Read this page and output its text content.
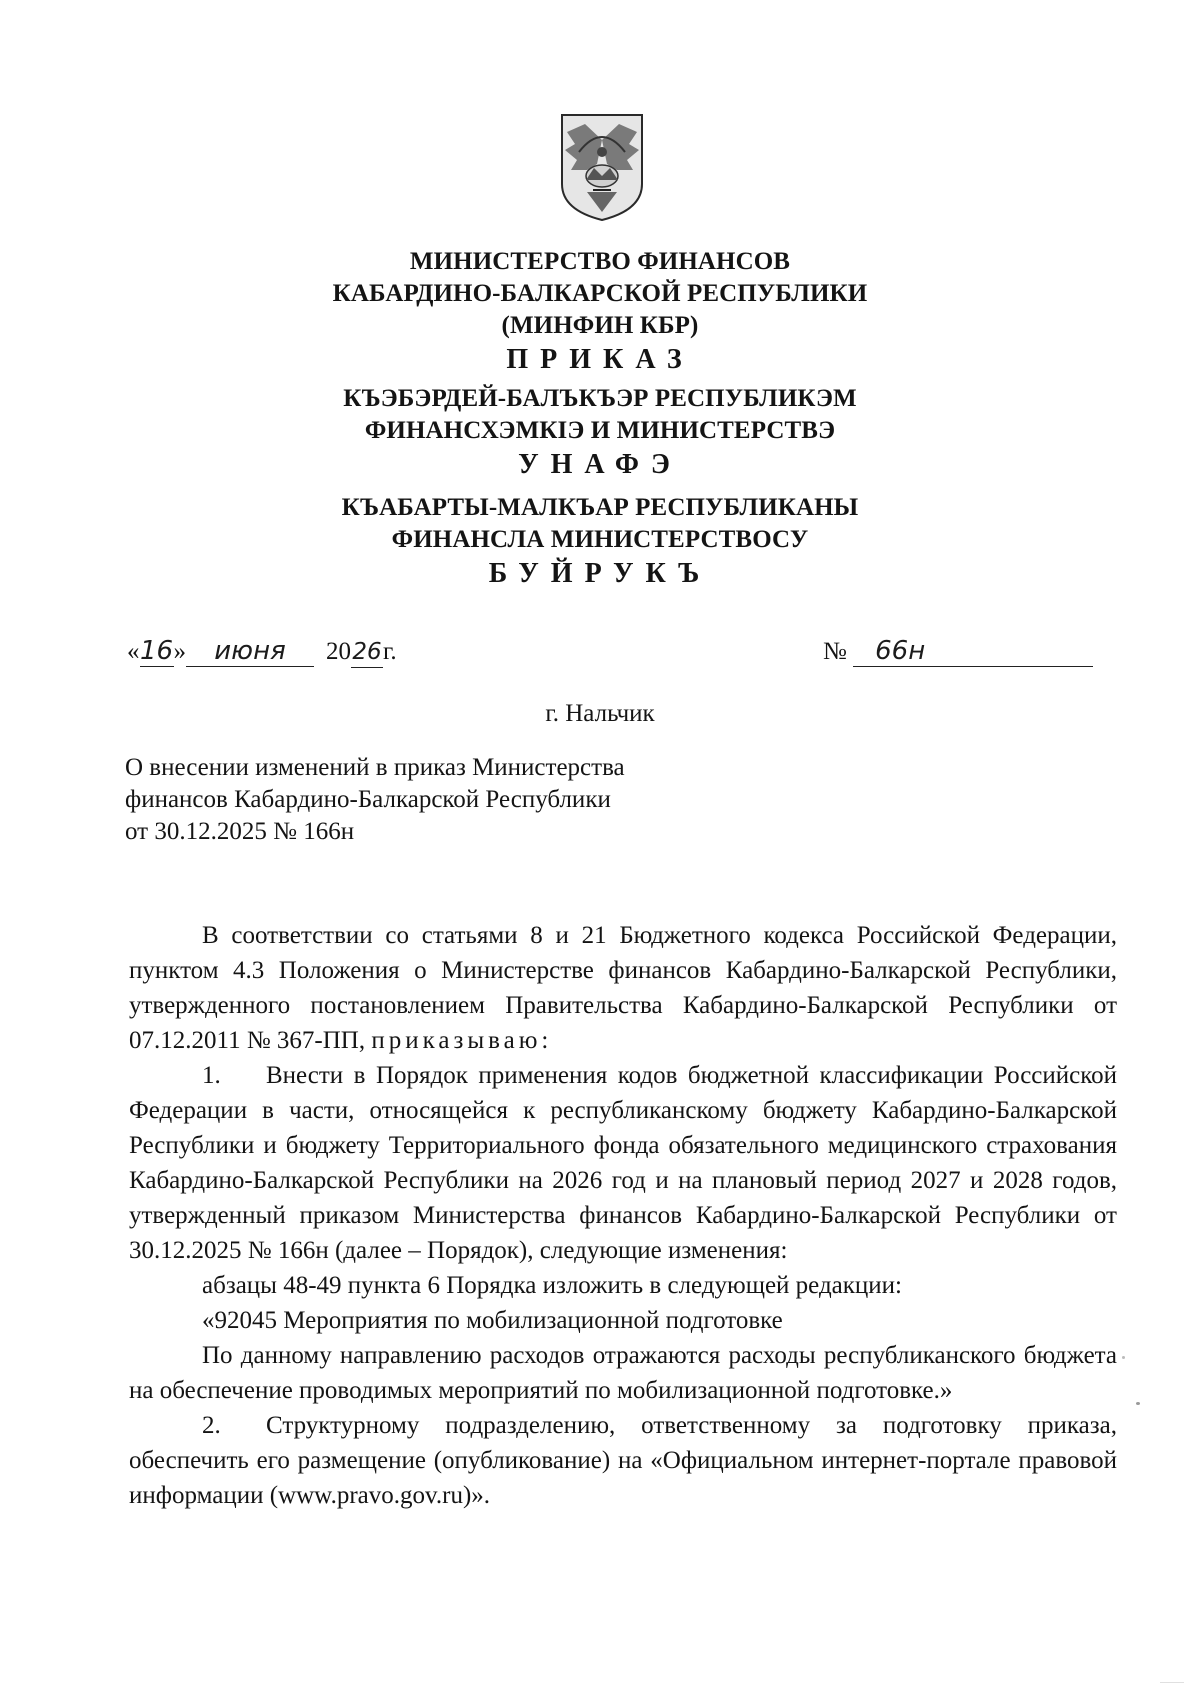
МИНИСТЕРСТВО ФИНАНСОВ
КАБАРДИНО-БАЛКАРСКОЙ РЕСПУБЛИКИ
(МИНФИН КБР)
ПРИКАЗ
КЪЭБЭРДЕЙ-БАЛЪКЪЭР РЕСПУБЛИКЭМ
ФИНАНСХЭМКIЭ И МИНИСТЕРСТВЭ
УНАФЭ
КЪАБАРТЫ-МАЛКЪАР РЕСПУБЛИКАНЫ
ФИНАНСЛА МИНИСТЕРСТВОСУ
БУЙРУКЪ
«16» июня 2026г.	№ 66н
г. Нальчик
О внесении изменений в приказ Министерства
финансов Кабардино-Балкарской Республики
от 30.12.2025 № 166н

В соответствии со статьями 8 и 21 Бюджетного кодекса Российской Федерации, пунктом 4.3 Положения о Министерстве финансов Кабардино-Балкарской Республики, утвержденного постановлением Правительства Кабардино-Балкарской Республики от 07.12.2011 № 367-ПП, приказываю:

1. Внести в Порядок применения кодов бюджетной классификации Российской Федерации в части, относящейся к республиканскому бюджету Кабардино-Балкарской Республики и бюджету Территориального фонда обязательного медицинского страхования Кабардино-Балкарской Республики на 2026 год и на плановый период 2027 и 2028 годов, утвержденный приказом Министерства финансов Кабардино-Балкарской Республики от 30.12.2025 № 166н (далее – Порядок), следующие изменения:

абзацы 48-49 пункта 6 Порядка изложить в следующей редакции:

«92045 Мероприятия по мобилизационной подготовке

По данному направлению расходов отражаются расходы республиканского бюджета на обеспечение проводимых мероприятий по мобилизационной подготовке.»

2. Структурному подразделению, ответственному за подготовку приказа, обеспечить его размещение (опубликование) на «Официальном интернет-портале правовой информации (www.pravo.gov.ru)».
